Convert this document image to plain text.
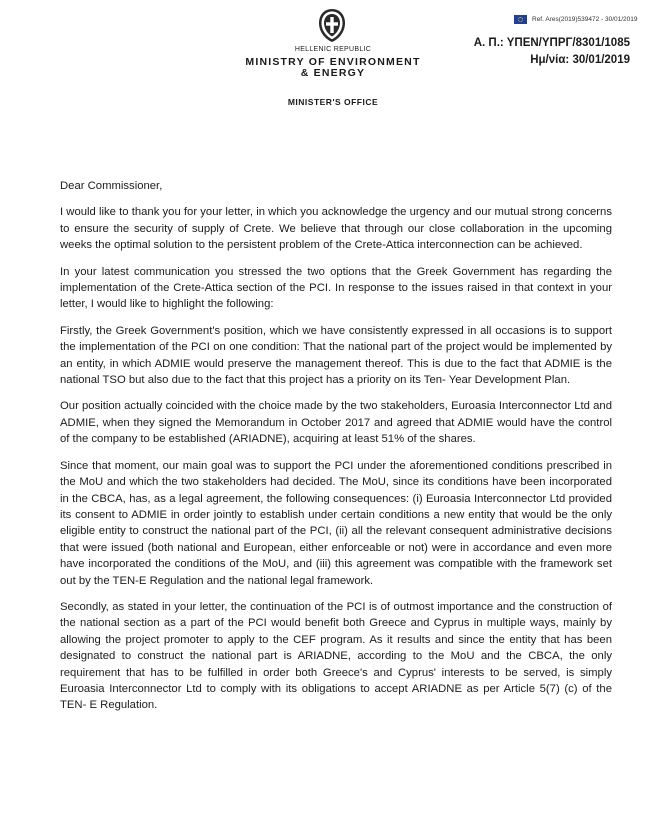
Ref. Ares(2019)539472 - 30/01/2019
HELLENIC REPUBLIC
MINISTRY OF ENVIRONMENT
& ENERGY
MINISTER'S OFFICE
Α. Π.: ΥΠΕΝ/ΥΠΡΓ/8301/1085
Ημ/νία: 30/01/2019

Dear Commissioner,

I would like to thank you for your letter, in which you acknowledge the urgency and our mutual strong concerns to ensure the security of supply of Crete. We believe that through our close collaboration in the upcoming weeks the optimal solution to the persistent problem of the Crete-Attica interconnection can be achieved.

In your latest communication you stressed the two options that the Greek Government has regarding the implementation of the Crete-Attica section of the PCI. In response to the issues raised in that context in your letter, I would like to highlight the following:

Firstly, the Greek Government's position, which we have consistently expressed in all occasions is to support the implementation of the PCI on one condition: That the national part of the project would be implemented by an entity, in which ADMIE would preserve the management thereof. This is due to the fact that ADMIE is the national TSO but also due to the fact that this project has a priority on its Ten- Year Development Plan.

Our position actually coincided with the choice made by the two stakeholders, Euroasia Interconnector Ltd and ADMIE, when they signed the Memorandum in October 2017 and agreed that ADMIE would have the control of the company to be established (ARIADNE), acquiring at least 51% of the shares.

Since that moment, our main goal was to support the PCI under the aforementioned conditions prescribed in the MoU and which the two stakeholders had decided. The MoU, since its conditions have been incorporated in the CBCA, has, as a legal agreement, the following consequences: (i) Euroasia Interconnector Ltd provided its consent to ADMIE in order jointly to establish under certain conditions a new entity that would be the only eligible entity to construct the national part of the PCI, (ii) all the relevant consequent administrative decisions that were issued (both national and European, either enforceable or not) were in accordance and even more have incorporated the conditions of the MoU, and (iii) this agreement was compatible with the framework set out by the TEN-E Regulation and the national legal framework.

Secondly, as stated in your letter, the continuation of the PCI is of outmost importance and the construction of the national section as a part of the PCI would benefit both Greece and Cyprus in multiple ways, mainly by allowing the project promoter to apply to the CEF program. As it results and since the entity that has been designated to construct the national part is ARIADNE, according to the MoU and the CBCA, the only requirement that has to be fulfilled in order both Greece's and Cyprus' interests to be served, is simply Euroasia Interconnector Ltd to comply with its obligations to accept ARIADNE as per Article 5(7) (c) of the TEN- E Regulation.
